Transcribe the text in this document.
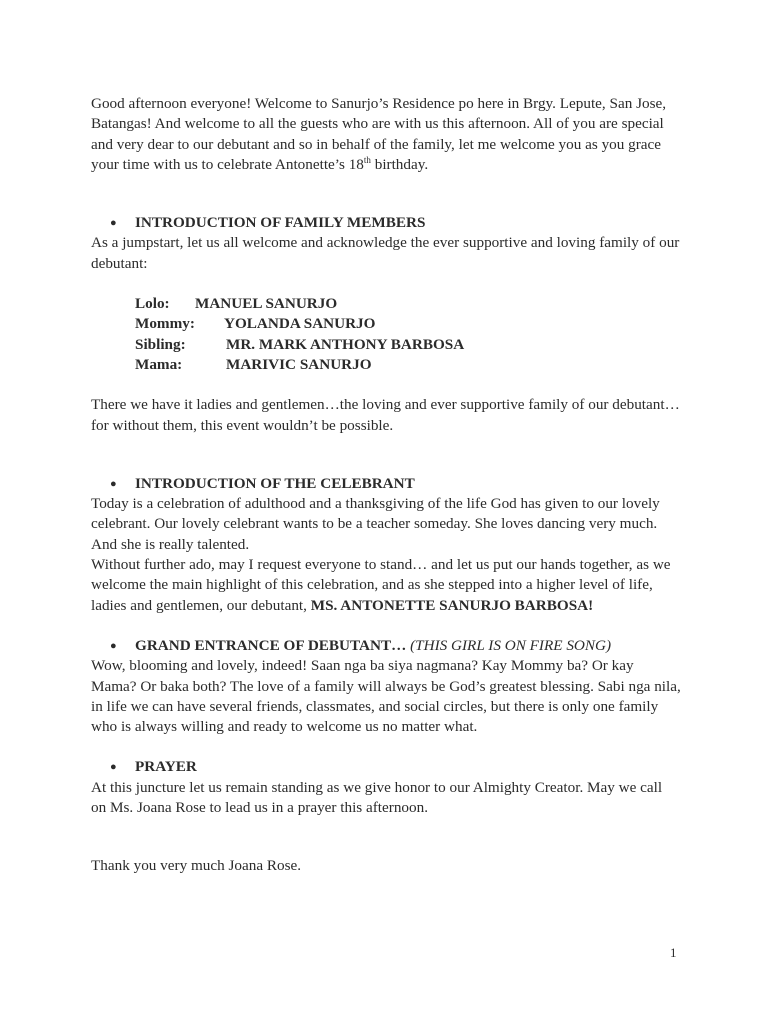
Good afternoon everyone! Welcome to Sanurjo’s Residence po here in Brgy. Lepute, San Jose, Batangas! And welcome to all the guests who are with us this afternoon. All of you are special and very dear to our debutant and so in behalf of the family, let me welcome you as you grace your time with us to celebrate Antonette’s 18th birthday.

● INTRODUCTION OF FAMILY MEMBERS

As a jumpstart, let us all welcome and acknowledge the ever supportive and loving family of our debutant:

Lolo:	MANUEL SANURJO
Mommy:	YOLANDA SANURJO
Sibling:	MR. MARK ANTHONY BARBOSA
Mama:	MARIVIC SANURJO

There we have it ladies and gentlemen…the loving and ever supportive family of our debutant… for without them, this event wouldn’t be possible.

● INTRODUCTION OF THE CELEBRANT

Today is a celebration of adulthood and a thanksgiving of the life God has given to our lovely celebrant. Our lovely celebrant wants to be a teacher someday. She loves dancing very much. And she is really talented.

Without further ado, may I request everyone to stand… and let us put our hands together, as we welcome the main highlight of this celebration, and as she stepped into a higher level of life, ladies and gentlemen, our debutant, MS. ANTONETTE SANURJO BARBOSA!

● GRAND ENTRANCE OF DEBUTANT… (THIS GIRL IS ON FIRE SONG)

Wow, blooming and lovely, indeed! Saan nga ba siya nagmana? Kay Mommy ba? Or kay Mama? Or baka both? The love of a family will always be God’s greatest blessing. Sabi nga nila, in life we can have several friends, classmates, and social circles, but there is only one family who is always willing and ready to welcome us no matter what.

● PRAYER

At this juncture let us remain standing as we give honor to our Almighty Creator. May we call on Ms. Joana Rose to lead us in a prayer this afternoon.

Thank you very much Joana Rose.

1
